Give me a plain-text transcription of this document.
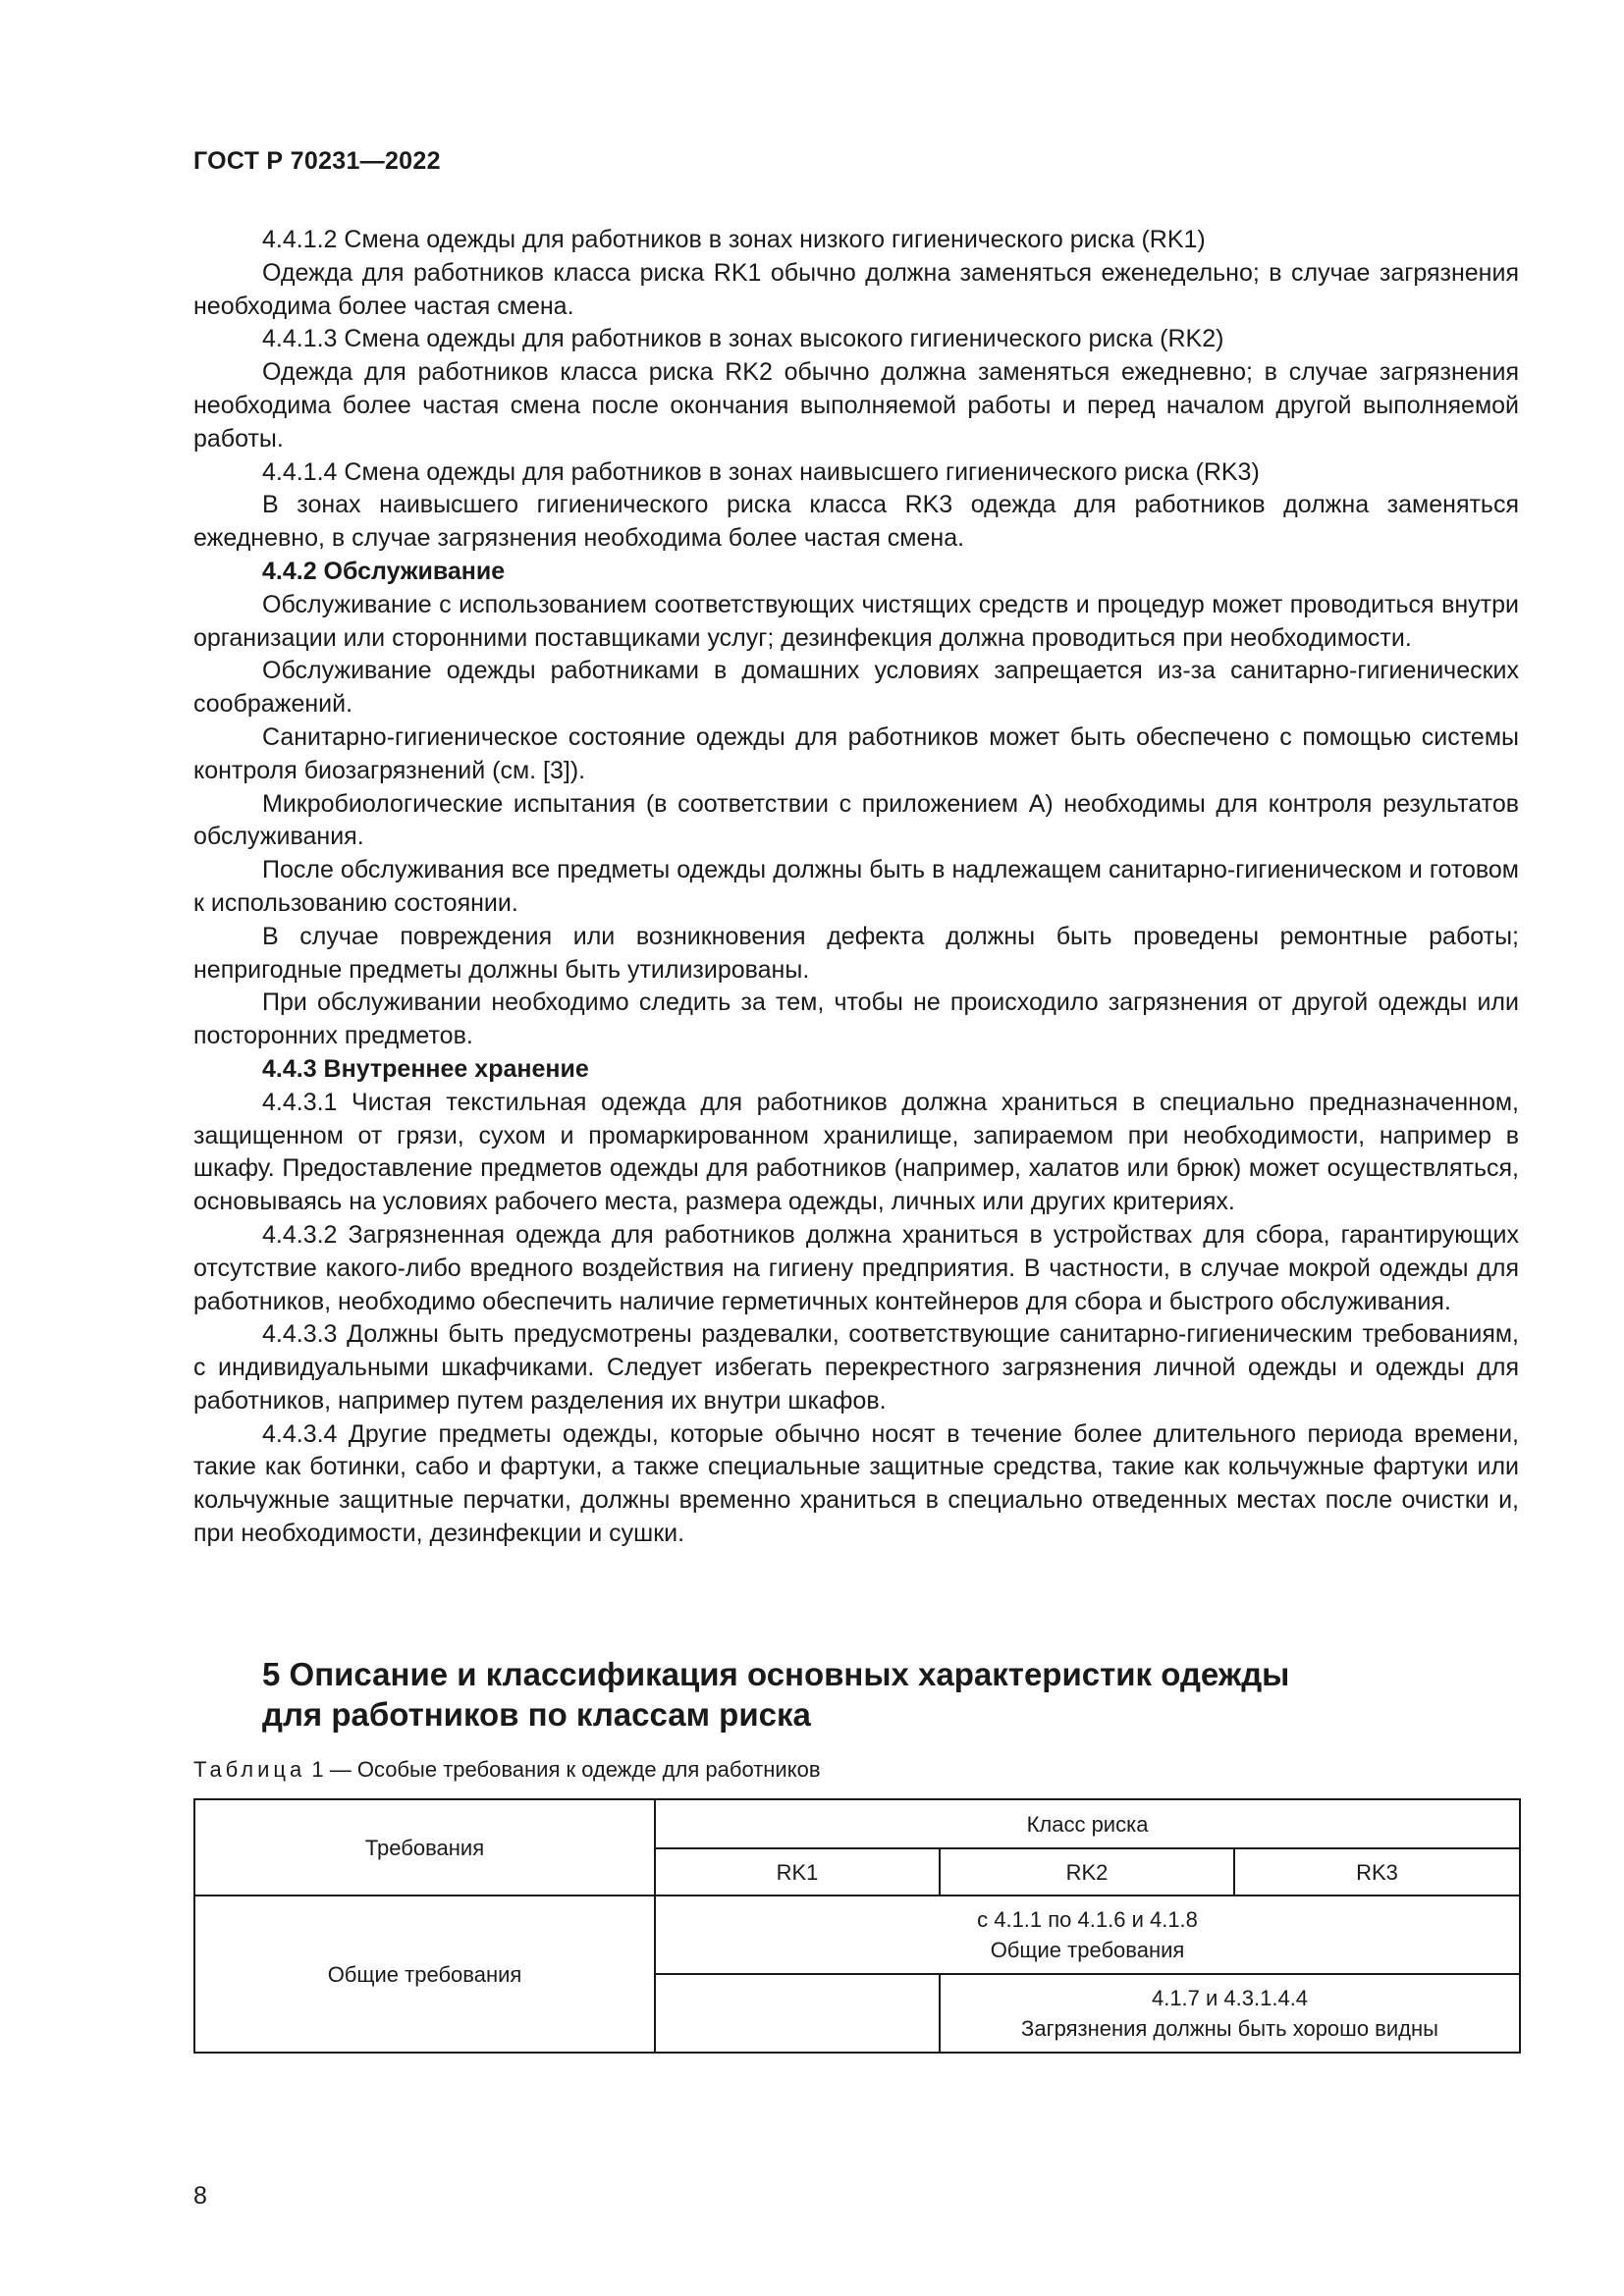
ГОСТ Р 70231—2022

4.4.1.2 Смена одежды для работников в зонах низкого гигиенического риска (RK1)

Одежда для работников класса риска RK1 обычно должна заменяться еженедельно; в случае загрязнения необходима более частая смена.

4.4.1.3 Смена одежды для работников в зонах высокого гигиенического риска (RK2)

Одежда для работников класса риска RK2 обычно должна заменяться ежедневно; в случае загрязнения необходима более частая смена после окончания выполняемой работы и перед началом другой выполняемой работы.

4.4.1.4 Смена одежды для работников в зонах наивысшего гигиенического риска (RK3)

В зонах наивысшего гигиенического риска класса RK3 одежда для работников должна заменяться ежедневно, в случае загрязнения необходима более частая смена.

4.4.2 Обслуживание

Обслуживание с использованием соответствующих чистящих средств и процедур может проводиться внутри организации или сторонними поставщиками услуг; дезинфекция должна проводиться при необходимости.

Обслуживание одежды работниками в домашних условиях запрещается из-за санитарно-гигиенических соображений.

Санитарно-гигиеническое состояние одежды для работников может быть обеспечено с помощью системы контроля биозагрязнений (см. [3]).

Микробиологические испытания (в соответствии с приложением А) необходимы для контроля результатов обслуживания.

После обслуживания все предметы одежды должны быть в надлежащем санитарно-гигиеническом и готовом к использованию состоянии.

В случае повреждения или возникновения дефекта должны быть проведены ремонтные работы; непригодные предметы должны быть утилизированы.

При обслуживании необходимо следить за тем, чтобы не происходило загрязнения от другой одежды или посторонних предметов.

4.4.3 Внутреннее хранение

4.4.3.1 Чистая текстильная одежда для работников должна храниться в специально предназначенном, защищенном от грязи, сухом и промаркированном хранилище, запираемом при необходимости, например в шкафу. Предоставление предметов одежды для работников (например, халатов или брюк) может осуществляться, основываясь на условиях рабочего места, размера одежды, личных или других критериях.

4.4.3.2 Загрязненная одежда для работников должна храниться в устройствах для сбора, гарантирующих отсутствие какого-либо вредного воздействия на гигиену предприятия. В частности, в случае мокрой одежды для работников, необходимо обеспечить наличие герметичных контейнеров для сбора и быстрого обслуживания.

4.4.3.3 Должны быть предусмотрены раздевалки, соответствующие санитарно-гигиеническим требованиям, с индивидуальными шкафчиками. Следует избегать перекрестного загрязнения личной одежды и одежды для работников, например путем разделения их внутри шкафов.

4.4.3.4 Другие предметы одежды, которые обычно носят в течение более длительного периода времени, такие как ботинки, сабо и фартуки, а также специальные защитные средства, такие как кольчужные фартуки или кольчужные защитные перчатки, должны временно храниться в специально отведенных местах после очистки и, при необходимости, дезинфекции и сушки.

5 Описание и классификация основных характеристик одежды
для работников по классам риска
Таблица 1 — Особые требования к одежде для работников
Требования	Класс риска		
	RK1	RK2	RK3
Общие требования	с 4.1.1 по 4.1.6 и 4.1.8
Общие требования		
		4.1.7 и 4.3.1.4.4
Загрязнения должны быть хорошо видны	
8
